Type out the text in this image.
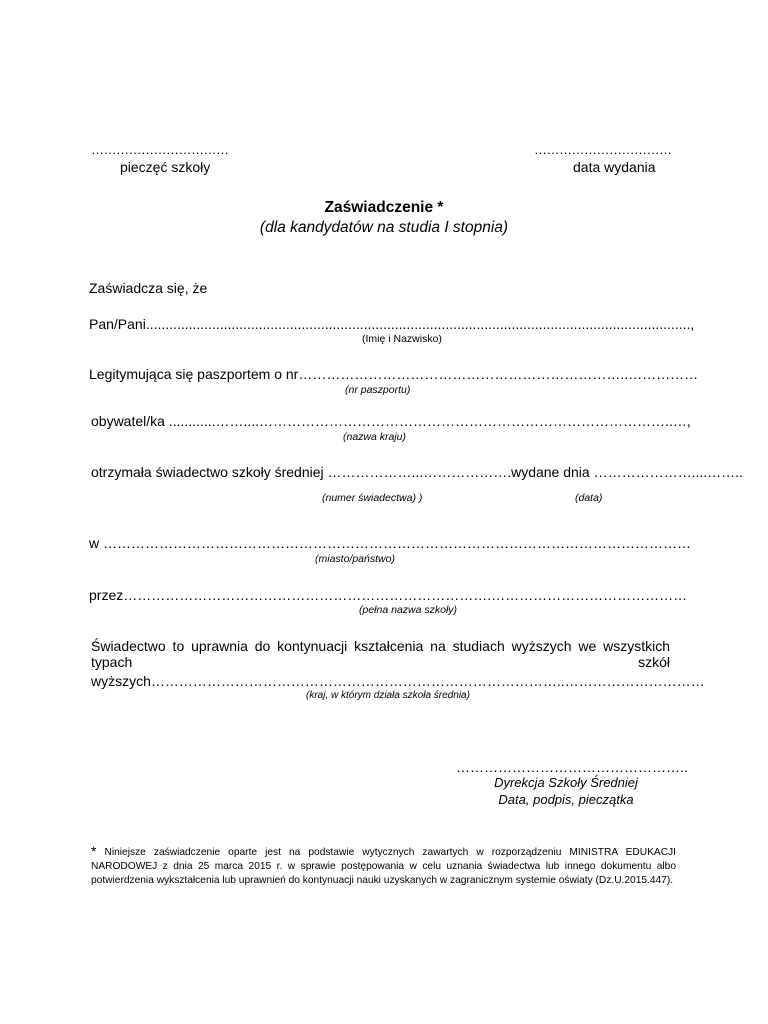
……………………………
pieczęć szkoły
……………………………
data wydania
Zaświadczenie *
(dla kandydatów na studia I stopnia)
Zaświadcza się, że
Pan/Pani............................................................................................................................................,
(Imię i Nazwisko)
Legitymująca się paszportem o nr……………………………………………………………..……………
(nr paszportu)
obywatel/ka ............……....……………………………………………………………………………..…,
(nazwa kraju)
otrzymała świadectwo szkoły średniej ………………...……………….wydane dnia …………………....……..
(numer świadectwa) )	(data)
w ………………………………………………………………………………………………………………
(miasto/państwo)
przez…………………………………………………………………….……………………………………
(pełna nazwa szkoły)
Świadectwo to uprawnia do kontynuacji kształcenia na studiach wyższych we wszystkich typach szkół
wyższych……………………………………………………………………………..…………………………
(kraj, w którym działa szkoła średnia)
…………………………………………..
Dyrekcja Szkoły Średniej
Data, podpis, pieczątka
* Niniejsze zaświadczenie oparte jest na podstawie wytycznych zawartych w rozporządzeniu MINISTRA EDUKACJI NARODOWEJ z dnia 25 marca 2015 r. w sprawie postępowania w celu uznania świadectwa lub innego dokumentu albo potwierdzenia wykształcenia lub uprawnień do kontynuacji nauki uzyskanych w zagranicznym systemie oświaty (Dz.U.2015.447).
